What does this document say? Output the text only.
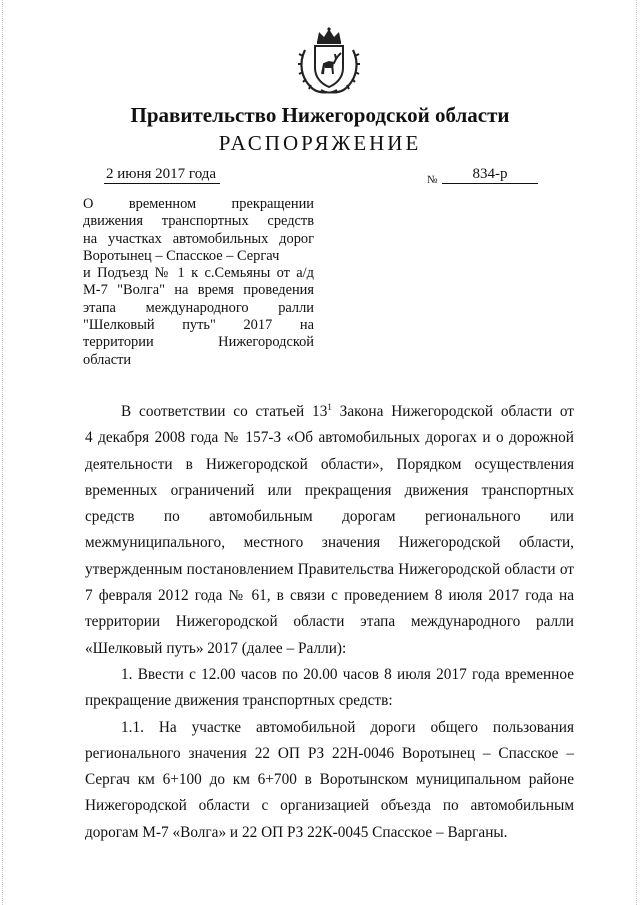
Правительство Нижегородской области
РАСПОРЯЖЕНИЕ
2 июня 2017 года	№	834-р
О временном прекращении
движения транспортных средств
на участках автомобильных дорог
Воротынец – Спасское – Сергач
и Подъезд № 1 к с.Семьяны от а/д
М-7 "Волга" на время проведения
этапа международного ралли
"Шелковый путь" 2017 на
территории Нижегородской
области
В соответствии со статьей $13^1$ Закона Нижегородской области от
4 декабря 2008 года № 157-З «Об автомобильных дорогах и о дорожной
деятельности в Нижегородской области», Порядком осуществления
временных ограничений или прекращения движения транспортных
средств по автомобильным дорогам регионального или
межмуниципального, местного значения Нижегородской области,
утвержденным постановлением Правительства Нижегородской области от
7 февраля 2012 года № 61, в связи с проведением 8 июля 2017 года на
территории Нижегородской области этапа международного ралли
«Шелковый путь» 2017 (далее – Ралли):
1. Ввести с 12.00 часов по 20.00 часов 8 июля 2017 года временное
прекращение движения транспортных средств:
1.1. На участке автомобильной дороги общего пользования
регионального значения 22 ОП РЗ 22Н-0046 Воротынец – Спасское –
Сергач км 6+100 до км 6+700 в Воротынском муниципальном районе
Нижегородской области с организацией объезда по автомобильным
дорогам М-7 «Волга» и 22 ОП РЗ 22К-0045 Спасское – Варганы.
